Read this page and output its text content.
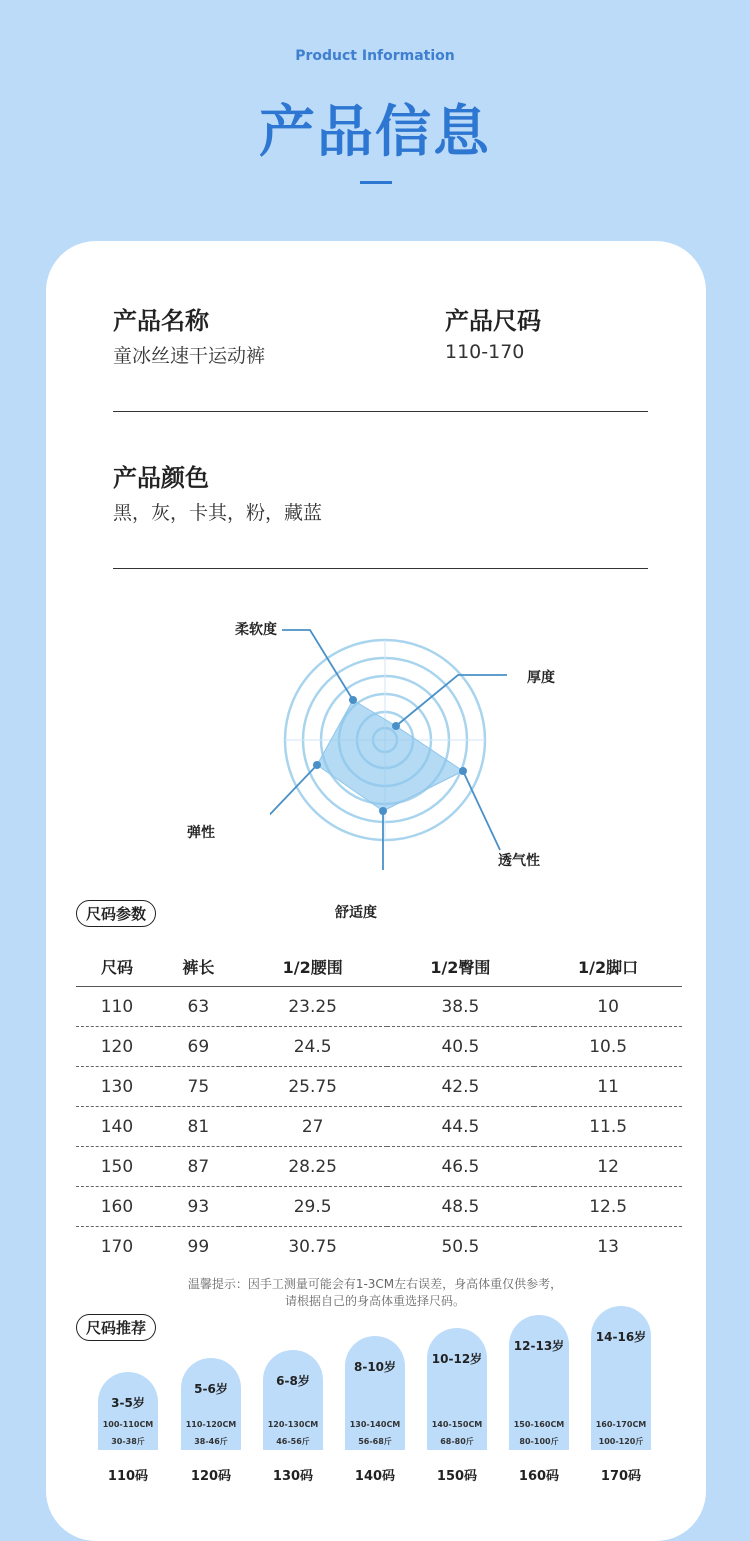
Product Information
产品信息
产品名称
童冰丝速干运动裤
产品尺码
110-170
产品颜色
黑，灰，卡其，粉，藏蓝
柔软度
厚度
透气性
舒适度
弹性
尺码参数
尺码	裤长	1/2腰围	1/2臀围	1/2脚口
110	63	23.25	38.5	10
120	69	24.5	40.5	10.5
130	75	25.75	42.5	11
140	81	27	44.5	11.5
150	87	28.25	46.5	12
160	93	29.5	48.5	12.5
170	99	30.75	50.5	13
温馨提示：因手工测量可能会有1-3CM左右误差，身高体重仅供参考，
请根据自己的身高体重选择尺码。
尺码推荐
3-5岁
100-110CM
30-38斤
5-6岁
110-120CM
38-46斤
6-8岁
120-130CM
46-56斤
8-10岁
130-140CM
56-68斤
10-12岁
140-150CM
68-80斤
12-13岁
150-160CM
80-100斤
14-16岁
160-170CM
100-120斤
110码	120码	130码	140码	150码	160码	170码
